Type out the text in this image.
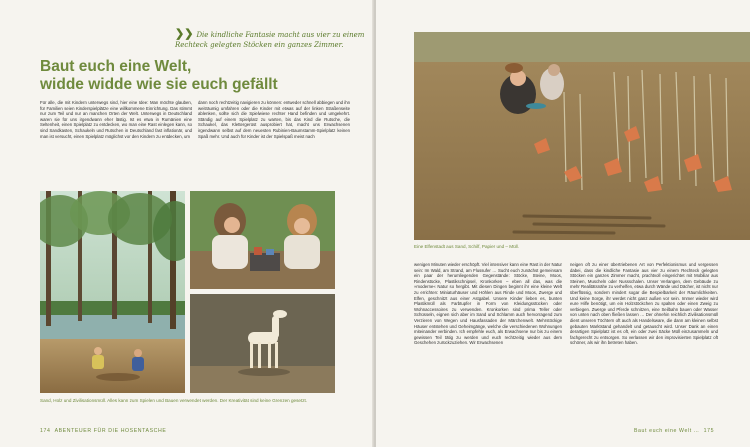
❯❯ Die kindliche Fantasie macht aus vier zu einem Rechteck gelegten Stöcken ein ganzes Zimmer.

Baut euch eine Welt,
widde widde wie sie euch gefällt

Für alle, die mit Kindern unterwegs sind, hier eine Idee: Man möchte glauben, für Familien seien Kinderspielplätze eine willkommene Einrichtung. Das stimmt nur zum Teil und nur an manchen Orten der Welt. Unterwegs in Deutschland waren sie für uns irgendwann eher lästig. Ist es etwa in Rumänien eine Seltenheit, einen Spielplatz zu entdecken, wo man eine Rast einlegen kann, so sind Sandkasten, Schaukeln und Rutschen in Deutschland fast inflationär, und man ist versucht, einen Spielplatz möglichst vor den Kindern zu entdecken, um

dann noch rechtzeitig navigieren zu können: entweder schnell abbiegen und ihn weiträumig umfahren oder die Kinder mit etwas auf der linken Straßenseite ablenken, sollte sich die Spielwiese rechter Hand befinden und umgekehrt. Ständig auf einem Spielplatz zu warten, bis das Kind die Rutsche, die Schaukel, das Klettergerüst ausprobiert hat, macht uns Erwachsenen irgendwann selbst auf dem neuesten Rubinien-Baumstamm-Spielplatz keinen Spaß mehr. Und auch für Kinder ist der Spielspaß meist nach

Sand, Holz und Zivilisationsmüll. Alles kann zum Spielen und Bauen verwendet werden. Der Kreativität sind keine Grenzen gesetzt.

174 ABENTEUER FÜR DIE HOSENTASCHE

Eine Elfenstadt aus Sand, Schilf, Papier und – Müll.

wenigen Minuten wieder erschöpft. Viel intensiver kann eine Rast in der Natur sein: Im Wald, am Strand, am Flussufer … Sucht euch zunächst gemeinsam ein paar der herumliegenden Gegenstände: Stöcke, Steine, Moos, Rindenstücke, Plastikschnipsel, Kronkorken – eben all das, was die »moderne« Natur so hergibt. Mit diesen Dingen beginnt ihr eine kleine Welt zu errichten: Miniaturhäuser und Höhlen aus Rinde und Moos, Zwerge und Elfen, geschnitzt aus einer Astgabel. Unsere Kinder lieben es, bunten Plastikmüll als Farbtupfer in Form von Kleidungsstücken oder Wohnaccessoires zu verwenden. Kronkorken sind prima Teller oder Schüsseln, eignen sich aber im Sand und Schlamm auch hervorragend zum Verzieren von Wegen und Hausfassaden der Märchenwelt. Mehrstöckige Häuser entstehen und Geheimgänge, welche die verschiedenen Wohnungen miteinander verbinden. Ich empfehle euch, als Erwachsene nur bis zu einem gewissen Teil tätig zu werden und euch rechtzeitig wieder aus dem Geschehen zurückzuziehen. Wir Erwachsenen

neigen oft zu einer übertriebenen Art von Perfektionismus und vergessen dabei, dass die kindliche Fantasie aus vier zu einem Rechteck gelegten Stöcken ein ganzes Zimmer macht, prachtvoll eingerichtet mit Mobiliar aus Steinen, Muscheln oder Nussschalen. Unser Verlangen, dem Gebäude zu mehr Realitätsnähe zu verhelfen, etwa durch Wände und Dächer, ist nicht nur überflüssig, sondern mindert sogar die Bespielbarkeit der Räumlichkeiten. Und keine Sorge, ihr werdet nicht ganz außen vor sein. Immer wieder wird eure Hilfe benötigt, um ein Holzstöckchen zu spalten oder einen Zweig zu verbiegen. Zwerge und Pferde schnitzen, eine Seilbahn bauen oder Wasser von unten nach oben fließen lassen … Der ohnehin reichlich Zivilisationsmüll dient unseren Töchtern oft auch als Handelsware, die dann am kleinen selbst gebauten Marktstand gehandelt und getauscht wird. Unser Dank an einen derartigen Spielplatz ist es oft, ein oder zwei Säcke Müll einzusammeln und fachgerecht zu entsorgen. So verlassen wir den improvisierten Spielplatz oft schöner, als wir ihn betreten haben.

Baut euch eine Welt … 175
